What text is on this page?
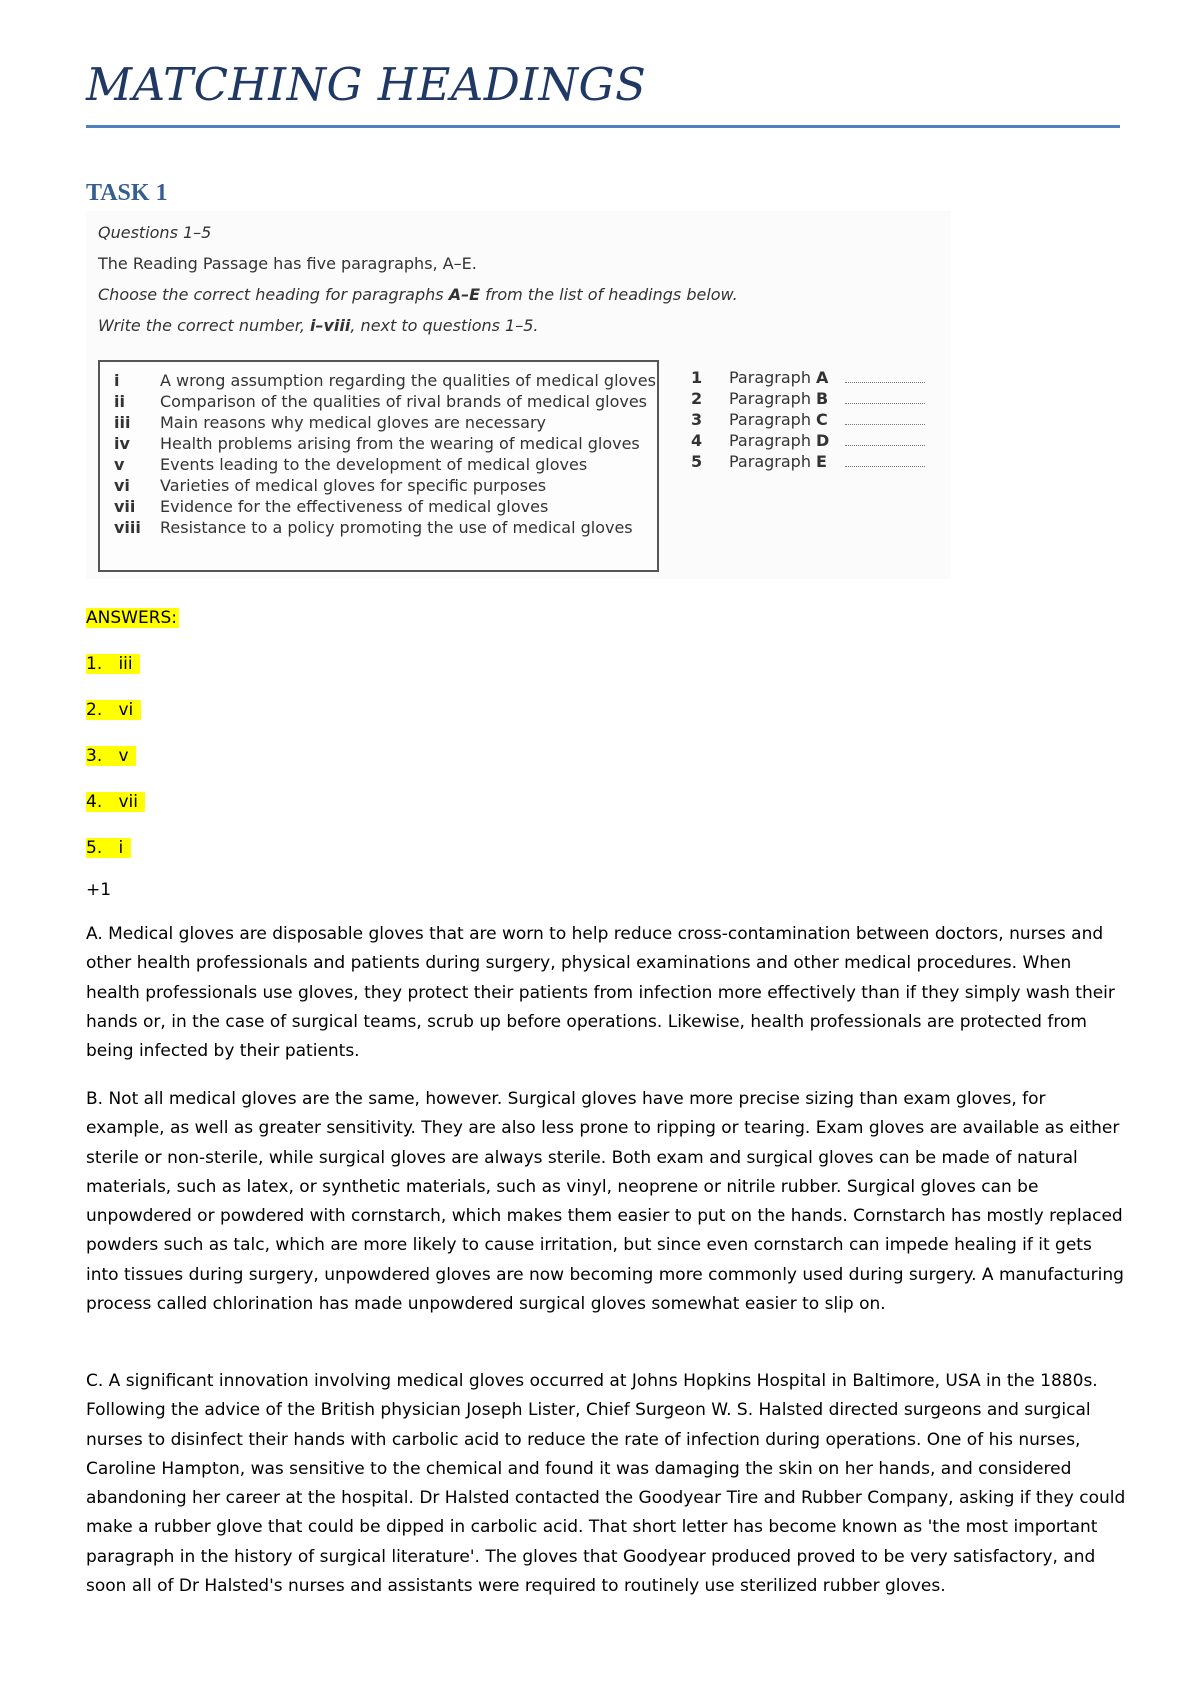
MATCHING HEADINGS
TASK 1
Questions 1–5
The Reading Passage has five paragraphs, A–E.
Choose the correct heading for paragraphs A–E from the list of headings below.
Write the correct number, i–viii, next to questions 1–5.
i	A wrong assumption regarding the qualities of medical gloves
ii Comparison of the qualities of rival brands of medical gloves
iii Main reasons why medical gloves are necessary
iv Health problems arising from the wearing of medical gloves
v Events leading to the development of medical gloves
vi Varieties of medical gloves for specific purposes
vii Evidence for the effectiveness of medical gloves
viii Resistance to a policy promoting the use of medical gloves
1 Paragraph A
2 Paragraph B
3 Paragraph C
4 Paragraph D
5 Paragraph E
ANSWERS:
1. iii
2. vi
3. v
4. vii
5. i
+1

A. Medical gloves are disposable gloves that are worn to help reduce cross-contamination between doctors, nurses and other health professionals and patients during surgery, physical examinations and other medical procedures. When health professionals use gloves, they protect their patients from infection more effectively than if they simply wash their hands or, in the case of surgical teams, scrub up before operations. Likewise, health professionals are protected from being infected by their patients.

B. Not all medical gloves are the same, however. Surgical gloves have more precise sizing than exam gloves, for example, as well as greater sensitivity. They are also less prone to ripping or tearing. Exam gloves are available as either sterile or non-sterile, while surgical gloves are always sterile. Both exam and surgical gloves can be made of natural materials, such as latex, or synthetic materials, such as vinyl, neoprene or nitrile rubber. Surgical gloves can be unpowdered or powdered with cornstarch, which makes them easier to put on the hands. Cornstarch has mostly replaced powders such as talc, which are more likely to cause irritation, but since even cornstarch can impede healing if it gets into tissues during surgery, unpowdered gloves are now becoming more commonly used during surgery. A manufacturing process called chlorination has made unpowdered surgical gloves somewhat easier to slip on.

C. A significant innovation involving medical gloves occurred at Johns Hopkins Hospital in Baltimore, USA in the 1880s. Following the advice of the British physician Joseph Lister, Chief Surgeon W. S. Halsted directed surgeons and surgical nurses to disinfect their hands with carbolic acid to reduce the rate of infection during operations. One of his nurses, Caroline Hampton, was sensitive to the chemical and found it was damaging the skin on her hands, and considered abandoning her career at the hospital. Dr Halsted contacted the Goodyear Tire and Rubber Company, asking if they could make a rubber glove that could be dipped in carbolic acid. That short letter has become known as 'the most important paragraph in the history of surgical literature'. The gloves that Goodyear produced proved to be very satisfactory, and soon all of Dr Halsted's nurses and assistants were required to routinely use sterilized rubber gloves.
